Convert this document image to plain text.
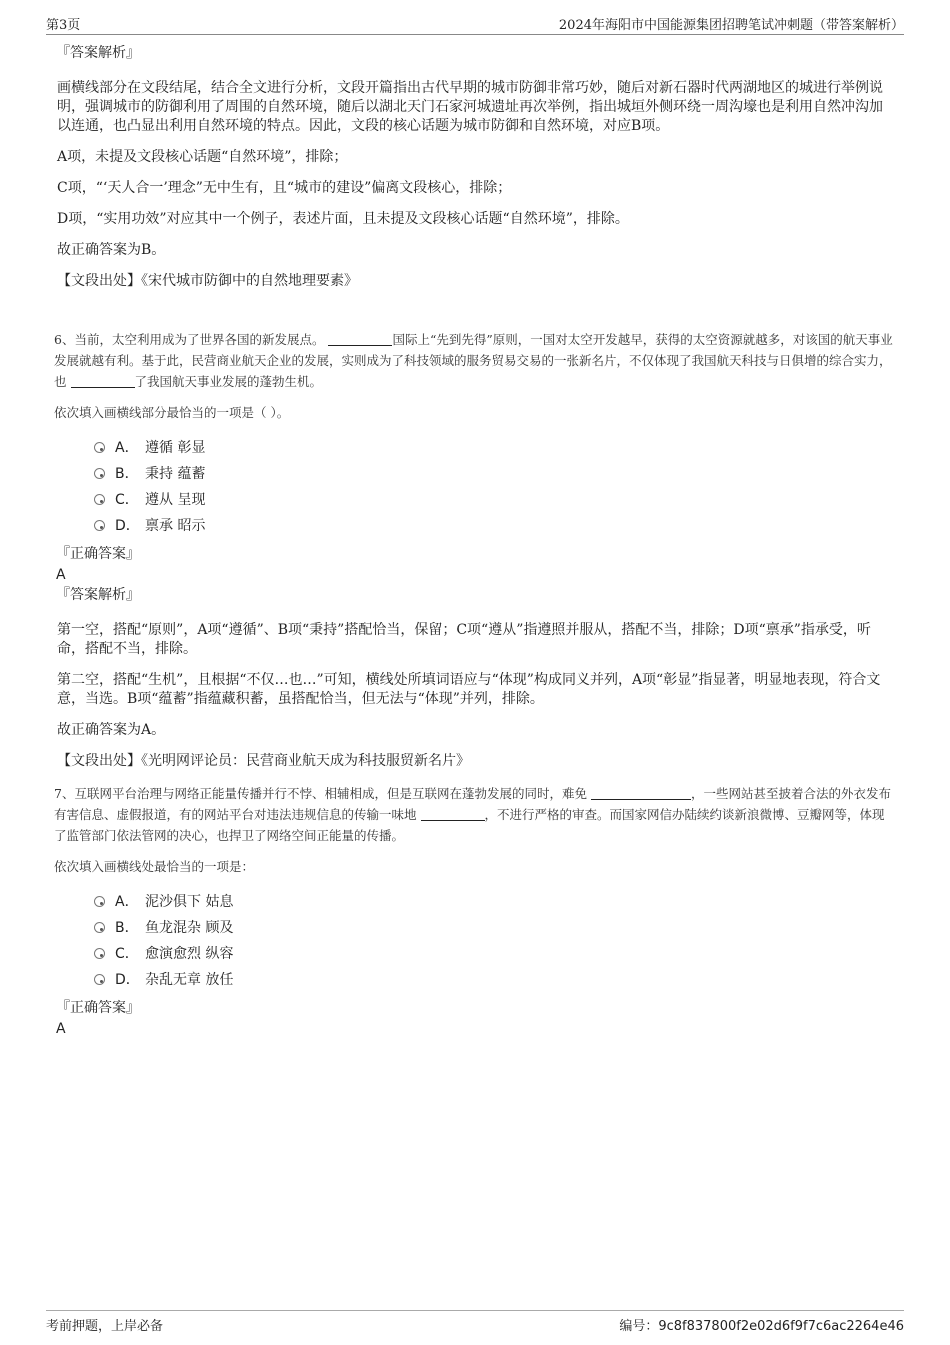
第3页	2024年海阳市中国能源集团招聘笔试冲刺题（带答案解析）
『答案解析』

画横线部分在文段结尾，结合全文进行分析，文段开篇指出古代早期的城市防御非常巧妙，随后对新石器时代两湖地区的城进行举例说明，强调城市的防御利用了周围的自然环境，随后以湖北天门石家河城遗址再次举例，指出城垣外侧环绕一周沟壕也是利用自然冲沟加以连通，也凸显出利用自然环境的特点。因此，文段的核心话题为城市防御和自然环境，对应B项。

A项，未提及文段核心话题“自然环境”，排除；

C项，“‘天人合一’理念”无中生有，且“城市的建设”偏离文段核心，排除；

D项，“实用功效”对应其中一个例子，表述片面，且未提及文段核心话题“自然环境”，排除。

故正确答案为B。

【文段出处】《宋代城市防御中的自然地理要素》

6、当前，太空利用成为了世界各国的新发展点。	国际上“先到先得”原则，一国对太空开发越早，获得的太空资源就越多，对该国的航天事业发展就越有利。基于此，民营商业航天企业的发展，实则成为了科技领域的服务贸易交易的一张新名片，不仅体现了我国航天科技与日俱增的综合实力，也	了我国航天事业发展的蓬勃生机。

依次填入画横线部分最恰当的一项是（ ）。

A． 遵循 彰显
B． 秉持 蕴蓄
C． 遵从 呈现
D． 禀承 昭示
『正确答案』
A
『答案解析』

第一空，搭配“原则”，A项“遵循”、B项“秉持”搭配恰当，保留；C项“遵从”指遵照并服从，搭配不当，排除；D项“禀承”指承受，听命，搭配不当，排除。

第二空，搭配“生机”，且根据“不仅…也…”可知，横线处所填词语应与“体现”构成同义并列，A项“彰显”指显著，明显地表现，符合文意，当选。B项“蕴蓄”指蕴藏积蓄，虽搭配恰当，但无法与“体现”并列，排除。

故正确答案为A。

【文段出处】《光明网评论员：民营商业航天成为科技服贸新名片》

7、互联网平台治理与网络正能量传播并行不悖、相辅相成，但是互联网在蓬勃发展的同时，难免	，一些网站甚至披着合法的外衣发布有害信息、虚假报道，有的网站平台对违法违规信息的传输一味地	，不进行严格的审查。而国家网信办陆续约谈新浪微博、豆瓣网等，体现了监管部门依法管网的决心，也捍卫了网络空间正能量的传播。

依次填入画横线处最恰当的一项是：

A． 泥沙俱下 姑息
B． 鱼龙混杂 顾及
C． 愈演愈烈 纵容
D． 杂乱无章 放任
『正确答案』
A
考前押题，上岸必备	编号：9c8f837800f2e02d6f9f7c6ac2264e46
